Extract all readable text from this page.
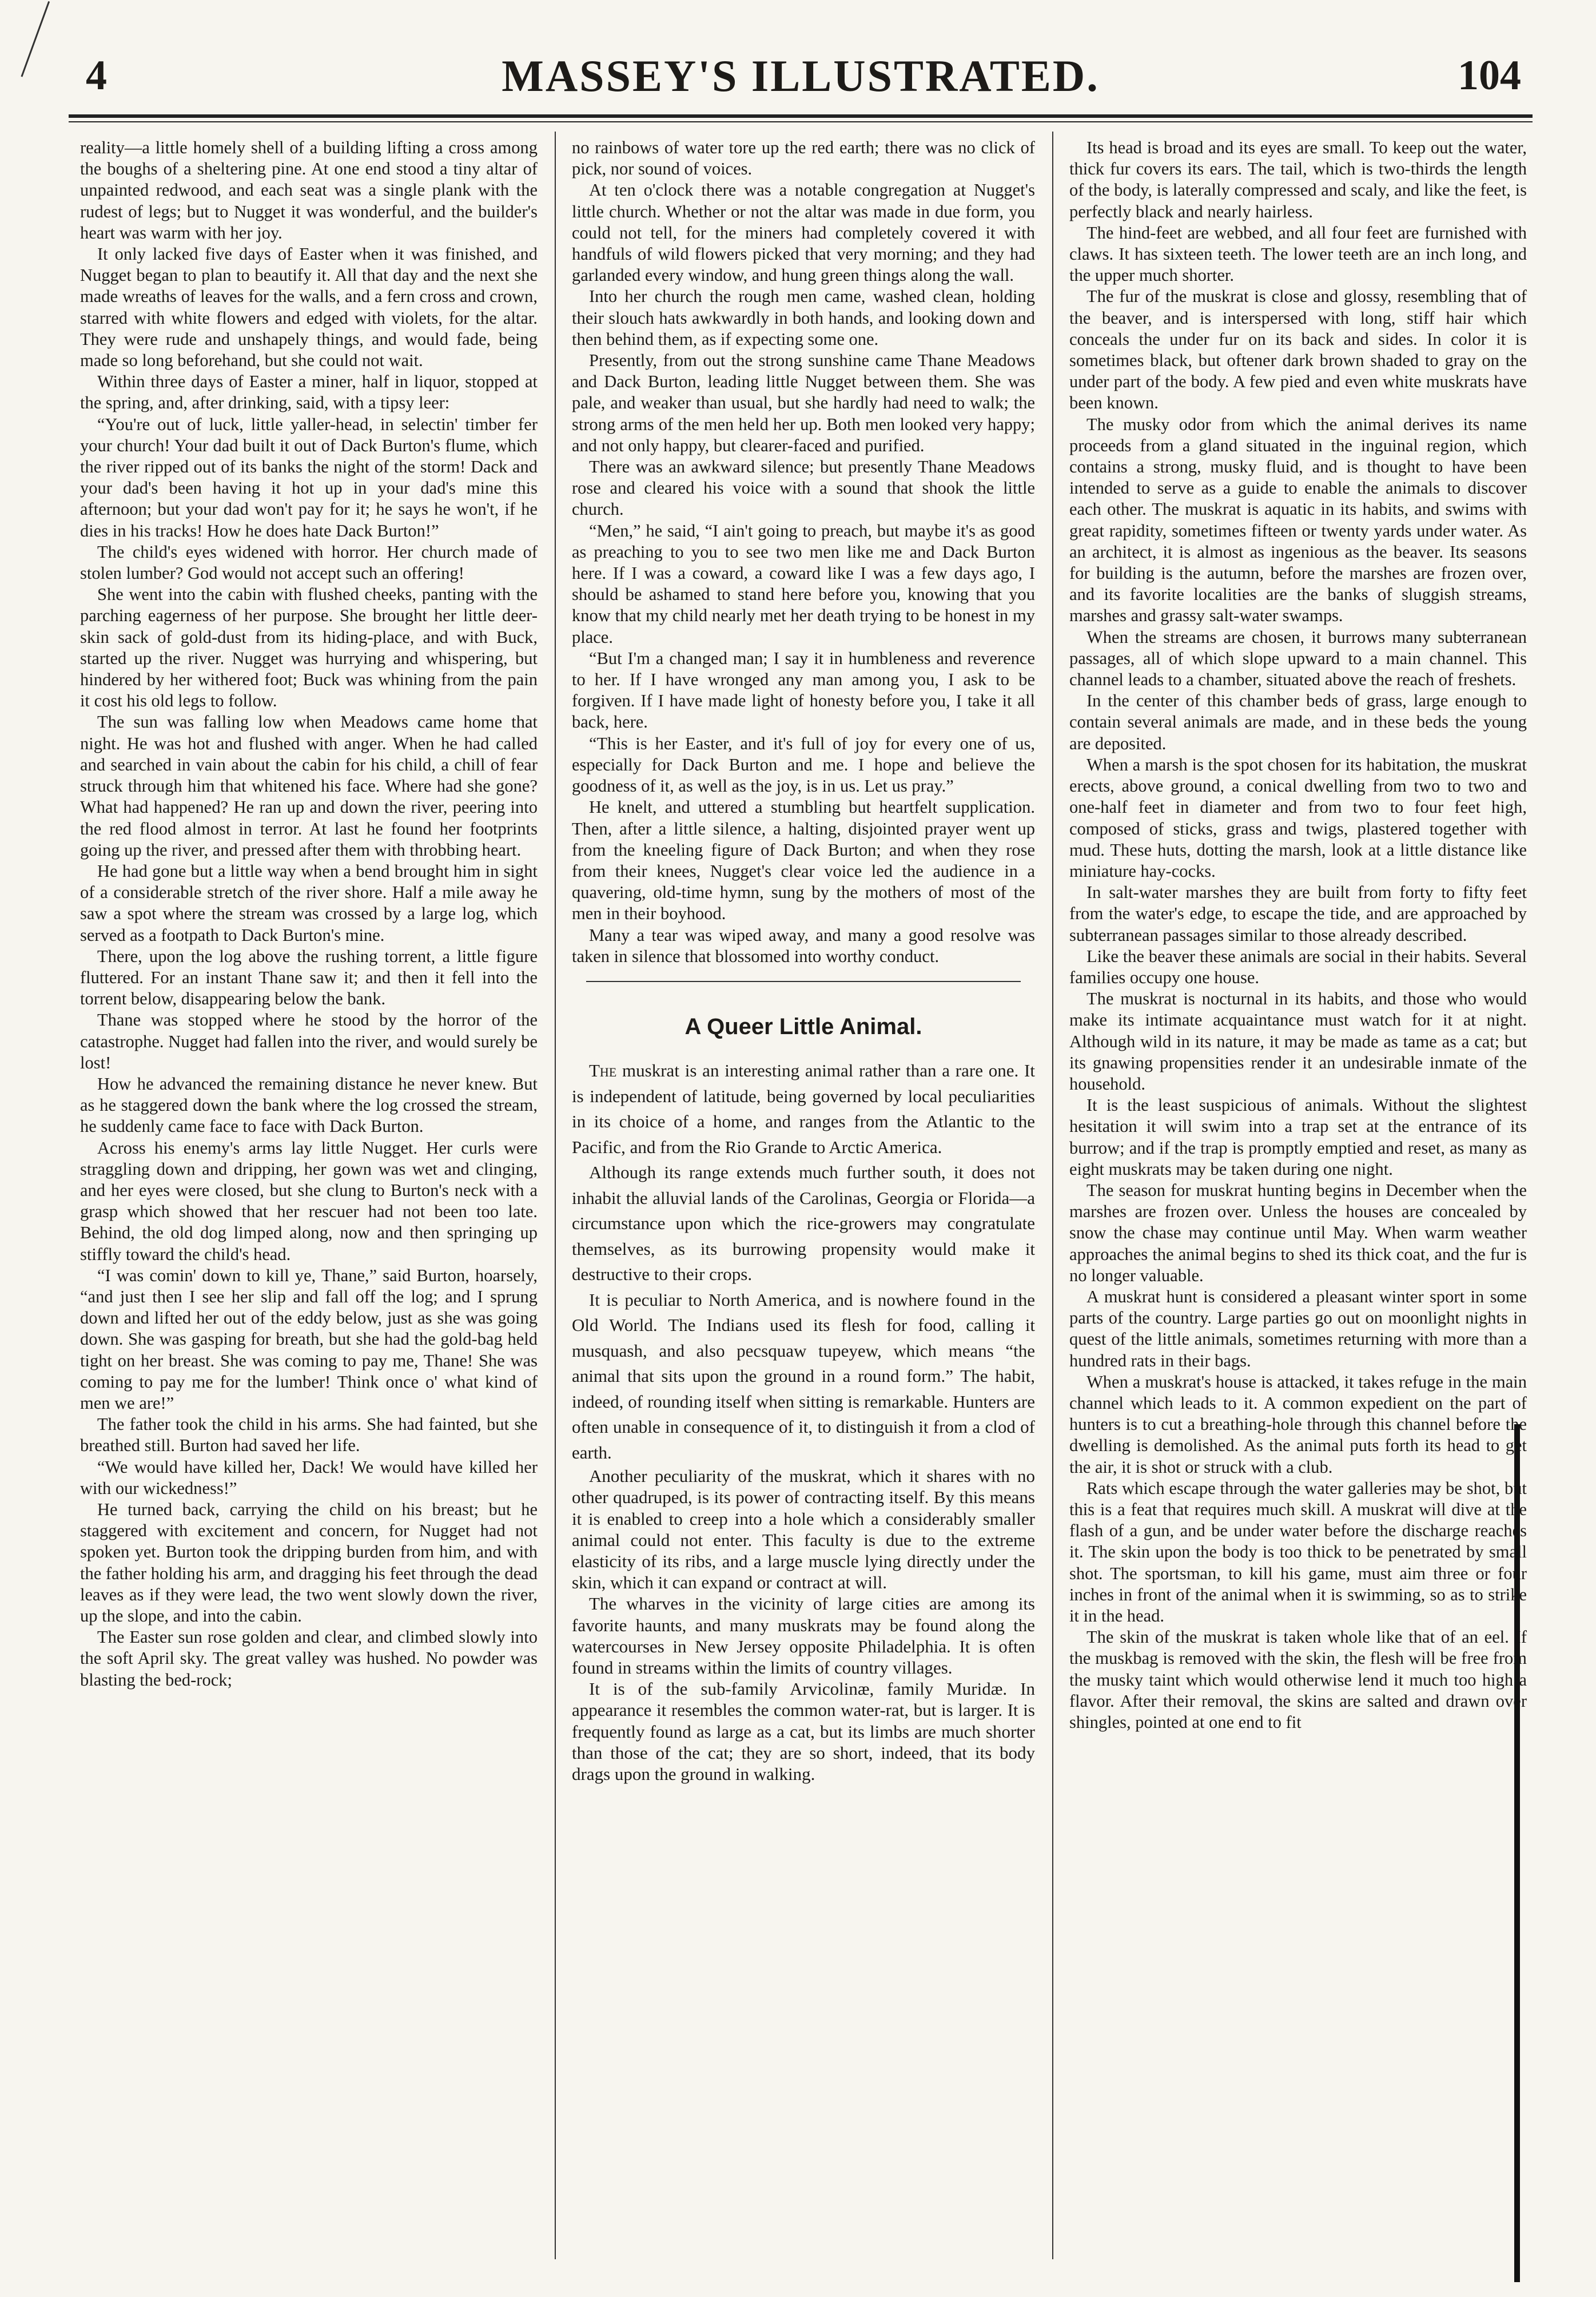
4	MASSEY'S ILLUSTRATED.	104

reality—a little homely shell of a building lifting a cross among the boughs of a sheltering pine. At one end stood a tiny altar of unpainted redwood, and each seat was a single plank with the rudest of legs; but to Nugget it was wonderful, and the builder's heart was warm with her joy.

It only lacked five days of Easter when it was finished, and Nugget began to plan to beautify it. All that day and the next she made wreaths of leaves for the walls, and a fern cross and crown, starred with white flowers and edged with violets, for the altar. They were rude and unshapely things, and would fade, being made so long beforehand, but she could not wait.

Within three days of Easter a miner, half in liquor, stopped at the spring, and, after drinking, said, with a tipsy leer:

“You're out of luck, little yaller-head, in selectin' timber fer your church! Your dad built it out of Dack Burton's flume, which the river ripped out of its banks the night of the storm! Dack and your dad's been having it hot up in your dad's mine this afternoon; but your dad won't pay for it; he says he won't, if he dies in his tracks! How he does hate Dack Burton!”

The child's eyes widened with horror. Her church made of stolen lumber? God would not accept such an offering!

She went into the cabin with flushed cheeks, panting with the parching eagerness of her purpose. She brought her little deer-skin sack of gold-dust from its hiding-place, and with Buck, started up the river. Nugget was hurrying and whispering, but hindered by her withered foot; Buck was whining from the pain it cost his old legs to follow.

The sun was falling low when Meadows came home that night. He was hot and flushed with anger. When he had called and searched in vain about the cabin for his child, a chill of fear struck through him that whitened his face. Where had she gone? What had happened? He ran up and down the river, peering into the red flood almost in terror. At last he found her footprints going up the river, and pressed after them with throbbing heart.

He had gone but a little way when a bend brought him in sight of a considerable stretch of the river shore. Half a mile away he saw a spot where the stream was crossed by a large log, which served as a footpath to Dack Burton's mine.

There, upon the log above the rushing torrent, a little figure fluttered. For an instant Thane saw it; and then it fell into the torrent below, disappearing below the bank.

Thane was stopped where he stood by the horror of the catastrophe. Nugget had fallen into the river, and would surely be lost!

How he advanced the remaining distance he never knew. But as he staggered down the bank where the log crossed the stream, he suddenly came face to face with Dack Burton.

Across his enemy's arms lay little Nugget. Her curls were straggling down and dripping, her gown was wet and clinging, and her eyes were closed, but she clung to Burton's neck with a grasp which showed that her rescuer had not been too late. Behind, the old dog limped along, now and then springing up stiffly toward the child's head.

“I was comin' down to kill ye, Thane,” said Burton, hoarsely, “and just then I see her slip and fall off the log; and I sprung down and lifted her out of the eddy below, just as she was going down. She was gasping for breath, but she had the gold-bag held tight on her breast. She was coming to pay me, Thane! She was coming to pay me for the lumber! Think once o' what kind of men we are!”

The father took the child in his arms. She had fainted, but she breathed still. Burton had saved her life.

“We would have killed her, Dack! We would have killed her with our wickedness!”

He turned back, carrying the child on his breast; but he staggered with excitement and concern, for Nugget had not spoken yet. Burton took the dripping burden from him, and with the father holding his arm, and dragging his feet through the dead leaves as if they were lead, the two went slowly down the river, up the slope, and into the cabin.

The Easter sun rose golden and clear, and climbed slowly into the soft April sky. The great valley was hushed. No powder was blasting the bed-rock;

no rainbows of water tore up the red earth; there was no click of pick, nor sound of voices.

At ten o'clock there was a notable congregation at Nugget's little church. Whether or not the altar was made in due form, you could not tell, for the miners had completely covered it with handfuls of wild flowers picked that very morning; and they had garlanded every window, and hung green things along the wall.

Into her church the rough men came, washed clean, holding their slouch hats awkwardly in both hands, and looking down and then behind them, as if expecting some one.

Presently, from out the strong sunshine came Thane Meadows and Dack Burton, leading little Nugget between them. She was pale, and weaker than usual, but she hardly had need to walk; the strong arms of the men held her up. Both men looked very happy; and not only happy, but clearer-faced and purified.

There was an awkward silence; but presently Thane Meadows rose and cleared his voice with a sound that shook the little church.

“Men,” he said, “I ain't going to preach, but maybe it's as good as preaching to you to see two men like me and Dack Burton here. If I was a coward, a coward like I was a few days ago, I should be ashamed to stand here before you, knowing that you know that my child nearly met her death trying to be honest in my place.

“But I'm a changed man; I say it in humbleness and reverence to her. If I have wronged any man among you, I ask to be forgiven. If I have made light of honesty before you, I take it all back, here.

“This is her Easter, and it's full of joy for every one of us, especially for Dack Burton and me. I hope and believe the goodness of it, as well as the joy, is in us. Let us pray.”

He knelt, and uttered a stumbling but heartfelt supplication. Then, after a little silence, a halting, disjointed prayer went up from the kneeling figure of Dack Burton; and when they rose from their knees, Nugget's clear voice led the audience in a quavering, old-time hymn, sung by the mothers of most of the men in their boyhood.

Many a tear was wiped away, and many a good resolve was taken in silence that blossomed into worthy conduct.

A Queer Little Animal.

The muskrat is an interesting animal rather than a rare one. It is independent of latitude, being governed by local peculiarities in its choice of a home, and ranges from the Atlantic to the Pacific, and from the Rio Grande to Arctic America.

Although its range extends much further south, it does not inhabit the alluvial lands of the Carolinas, Georgia or Florida—a circumstance upon which the rice-growers may congratulate themselves, as its burrowing propensity would make it destructive to their crops.

It is peculiar to North America, and is nowhere found in the Old World. The Indians used its flesh for food, calling it musquash, and also pecsquaw tupeyew, which means “the animal that sits upon the ground in a round form.” The habit, indeed, of rounding itself when sitting is remarkable. Hunters are often unable in consequence of it, to distinguish it from a clod of earth.

Another peculiarity of the muskrat, which it shares with no other quadruped, is its power of contracting itself. By this means it is enabled to creep into a hole which a considerably smaller animal could not enter. This faculty is due to the extreme elasticity of its ribs, and a large muscle lying directly under the skin, which it can expand or contract at will.

The wharves in the vicinity of large cities are among its favorite haunts, and many muskrats may be found along the watercourses in New Jersey opposite Philadelphia. It is often found in streams within the limits of country villages.

It is of the sub-family Arvicolinæ, family Muridæ. In appearance it resembles the common water-rat, but is larger. It is frequently found as large as a cat, but its limbs are much shorter than those of the cat; they are so short, indeed, that its body drags upon the ground in walking.

Its head is broad and its eyes are small. To keep out the water, thick fur covers its ears. The tail, which is two-thirds the length of the body, is laterally compressed and scaly, and like the feet, is perfectly black and nearly hairless.

The hind-feet are webbed, and all four feet are furnished with claws. It has sixteen teeth. The lower teeth are an inch long, and the upper much shorter.

The fur of the muskrat is close and glossy, resembling that of the beaver, and is interspersed with long, stiff hair which conceals the under fur on its back and sides. In color it is sometimes black, but oftener dark brown shaded to gray on the under part of the body. A few pied and even white muskrats have been known.

The musky odor from which the animal derives its name proceeds from a gland situated in the inguinal region, which contains a strong, musky fluid, and is thought to have been intended to serve as a guide to enable the animals to discover each other. The muskrat is aquatic in its habits, and swims with great rapidity, sometimes fifteen or twenty yards under water. As an architect, it is almost as ingenious as the beaver. Its seasons for building is the autumn, before the marshes are frozen over, and its favorite localities are the banks of sluggish streams, marshes and grassy salt-water swamps.

When the streams are chosen, it burrows many subterranean passages, all of which slope upward to a main channel. This channel leads to a chamber, situated above the reach of freshets.

In the center of this chamber beds of grass, large enough to contain several animals are made, and in these beds the young are deposited.

When a marsh is the spot chosen for its habitation, the muskrat erects, above ground, a conical dwelling from two to two and one-half feet in diameter and from two to four feet high, composed of sticks, grass and twigs, plastered together with mud. These huts, dotting the marsh, look at a little distance like miniature hay-cocks.

In salt-water marshes they are built from forty to fifty feet from the water's edge, to escape the tide, and are approached by subterranean passages similar to those already described.

Like the beaver these animals are social in their habits. Several families occupy one house.

The muskrat is nocturnal in its habits, and those who would make its intimate acquaintance must watch for it at night. Although wild in its nature, it may be made as tame as a cat; but its gnawing propensities render it an undesirable inmate of the household.

It is the least suspicious of animals. Without the slightest hesitation it will swim into a trap set at the entrance of its burrow; and if the trap is promptly emptied and reset, as many as eight muskrats may be taken during one night.

The season for muskrat hunting begins in December when the marshes are frozen over. Unless the houses are concealed by snow the chase may continue until May. When warm weather approaches the animal begins to shed its thick coat, and the fur is no longer valuable.

A muskrat hunt is considered a pleasant winter sport in some parts of the country. Large parties go out on moonlight nights in quest of the little animals, sometimes returning with more than a hundred rats in their bags.

When a muskrat's house is attacked, it takes refuge in the main channel which leads to it. A common expedient on the part of hunters is to cut a breathing-hole through this channel before the dwelling is demolished. As the animal puts forth its head to get the air, it is shot or struck with a club.

Rats which escape through the water galleries may be shot, but this is a feat that requires much skill. A muskrat will dive at the flash of a gun, and be under water before the discharge reaches it. The skin upon the body is too thick to be penetrated by small shot. The sportsman, to kill his game, must aim three or four inches in front of the animal when it is swimming, so as to strike it in the head.

The skin of the muskrat is taken whole like that of an eel. If the muskbag is removed with the skin, the flesh will be free from the musky taint which would otherwise lend it much too high a flavor. After their removal, the skins are salted and drawn over shingles, pointed at one end to fit
